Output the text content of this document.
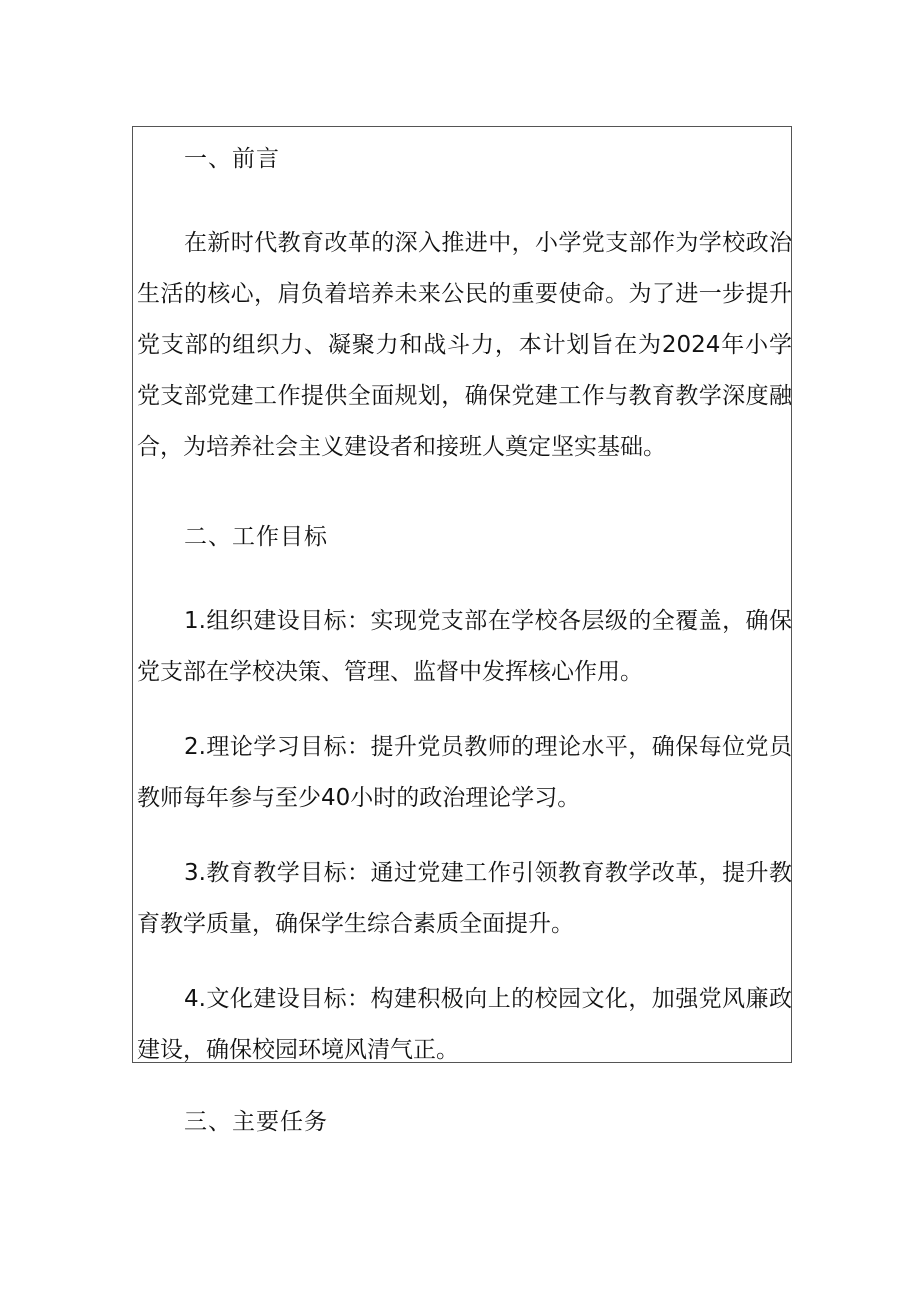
一、前言

在新时代教育改革的深入推进中，小学党支部作为学校政治生活的核心，肩负着培养未来公民的重要使命。为了进一步提升党支部的组织力、凝聚力和战斗力，本计划旨在为2024年小学党支部党建工作提供全面规划，确保党建工作与教育教学深度融合，为培养社会主义建设者和接班人奠定坚实基础。

二、工作目标

1.组织建设目标：实现党支部在学校各层级的全覆盖，确保党支部在学校决策、管理、监督中发挥核心作用。

2.理论学习目标：提升党员教师的理论水平，确保每位党员教师每年参与至少40小时的政治理论学习。

3.教育教学目标：通过党建工作引领教育教学改革，提升教育教学质量，确保学生综合素质全面提升。

4.文化建设目标：构建积极向上的校园文化，加强党风廉政建设，确保校园环境风清气正。

三、主要任务
